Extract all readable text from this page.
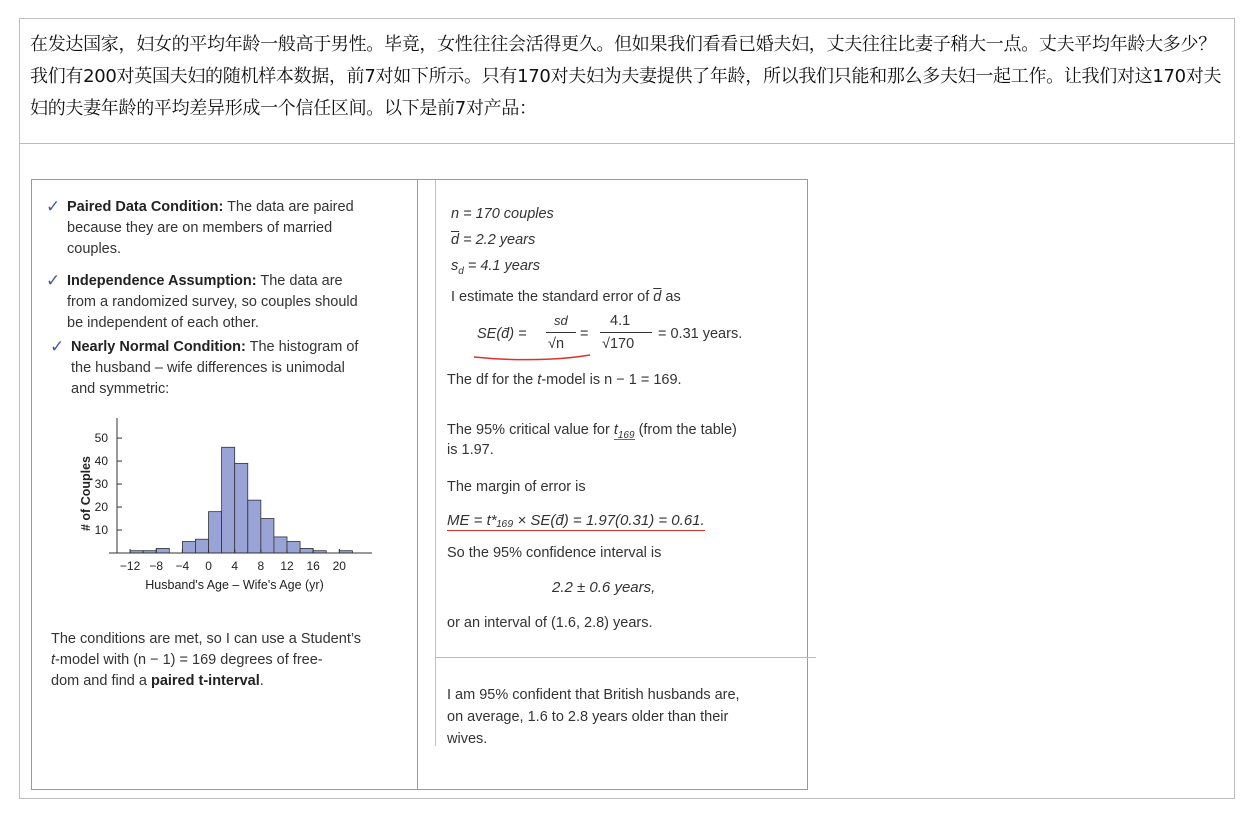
在发达国家，妇女的平均年龄一般高于男性。毕竟，女性往往会活得更久。但如果我们看看已婚夫妇，丈夫往往比妻子稍大一点。丈夫平均年龄大多少？我们有200对英国夫妇的随机样本数据，前7对如下所示。只有170对夫妇为夫妻提供了年龄，所以我们只能和那么多夫妇一起工作。让我们对这170对夫妇的夫妻年龄的平均差异形成一个信任区间。以下是前7对产品：
✓ Paired Data Condition: The data are paired
because they are on members of married
couples.
✓ Independence Assumption: The data are
from a randomized survey, so couples should
be independent of each other.
✓ Nearly Normal Condition: The histogram of
the husband – wife differences is unimodal
and symmetric:
10
20
30
40
50
−12 −8 −4 0 4 8 12 16 20
Husband's Age – Wife's Age (yr)
# of Couples
The conditions are met, so I can use a Student’s
t-model with (n − 1) = 169 degrees of free-
dom and find a paired t-interval.
n = 170 couples
$\overline{d} = 2.2$ years
$s_d = 4.1$ years
I estimate the standard error of $\overline{d}$ as
SE(d̄) =
sd
√n
=
4.1
√170
= 0.31 years.
The df for the t-model is n − 1 = 169.
The 95% critical value for $t_{169}$ (from the table)
is 1.97.
The margin of error is
ME = t*₁₆₉ × SE(d̄) = 1.97(0.31) = 0.61.
So the 95% confidence interval is
2.2 ± 0.6 years,
or an interval of (1.6, 2.8) years.
I am 95% confident that British husbands are,
on average, 1.6 to 2.8 years older than their
wives.
